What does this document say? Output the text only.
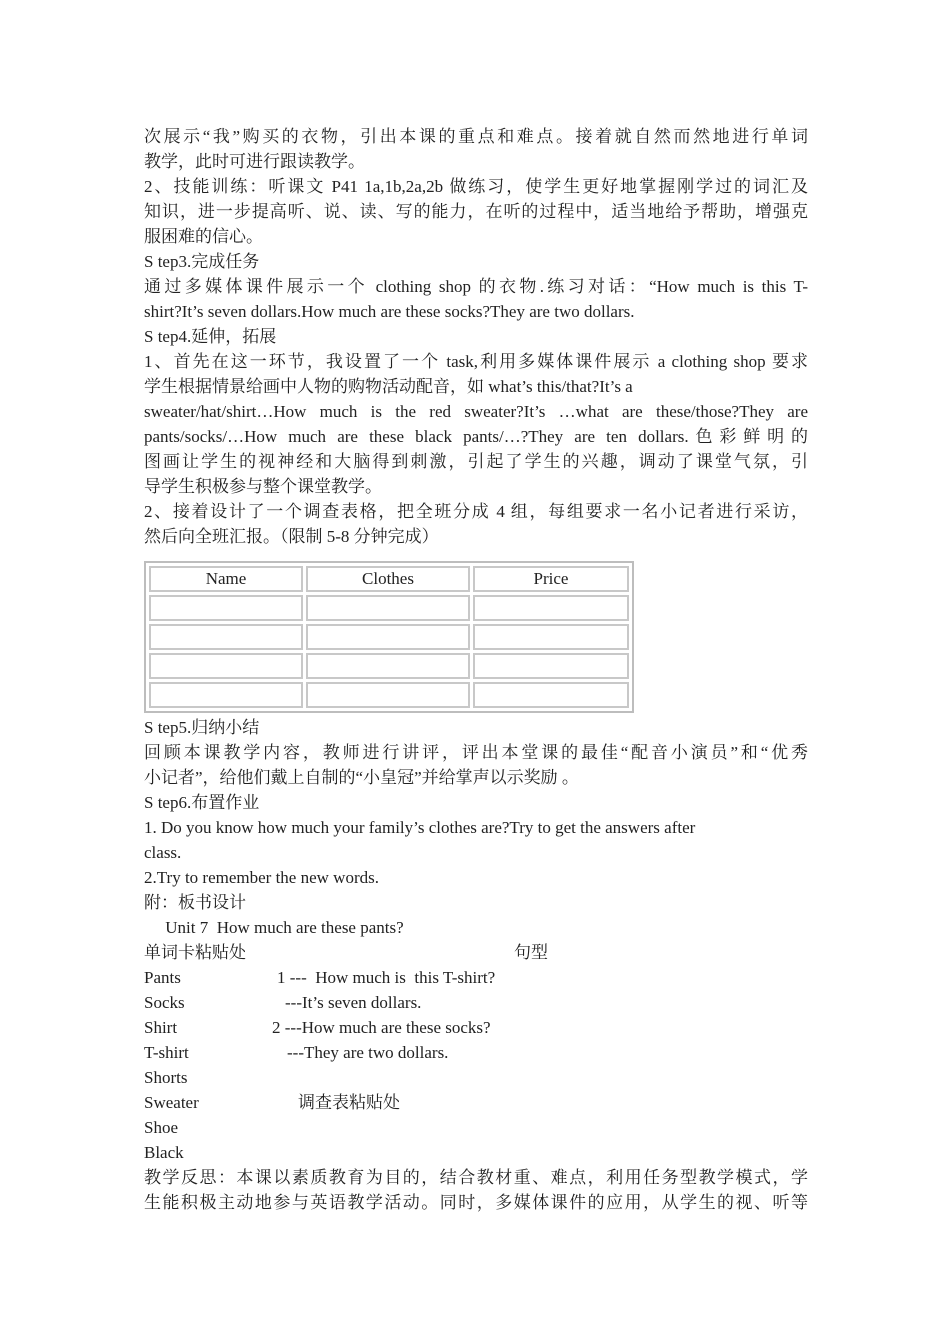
次展示“我”购买的衣物，引出本课的重点和难点。接着就自然而然地进行单词
教学，此时可进行跟读教学。
2、技能训练：听课文 P41 1a,1b,2a,2b 做练习，使学生更好地掌握刚学过的词汇及
知识，进一步提高听、说、读、写的能力，在听的过程中，适当地给予帮助，增强克
服困难的信心。
S tep3.完成任务
通过多媒体课件展示一个 clothing shop 的衣物.练习对话：“How much is this T-
shirt?It’s seven dollars.How much are these socks?They are two dollars.
S tep4.延伸，拓展
1、首先在这一环节，我设置了一个 task,利用多媒体课件展示 a clothing shop 要求
学生根据情景给画中人物的购物活动配音，如 what’s this/that?It’s a
sweater/hat/shirt…How much is the red sweater?It’s …what are these/those?They are
pants/socks/…How much are these black pants/…?They are ten dollars.色彩鲜明的
图画让学生的视神经和大脑得到刺激，引起了学生的兴趣，调动了课堂气氛，引
导学生积极参与整个课堂教学。
2、接着设计了一个调查表格，把全班分成 4 组，每组要求一名小记者进行采访，
然后向全班汇报。（限制 5-8 分钟完成）
Name	Clothes	Price

S tep5.归纳小结
回顾本课教学内容，教师进行讲评，评出本堂课的最佳“配音小演员”和“优秀
小记者”，给他们戴上自制的“小皇冠”并给掌声以示奖励 。
S tep6.布置作业
1. Do you know how much your family’s clothes are?Try to get the answers after
class.
2.Try to remember the new words.
附：板书设计
Unit 7  How much are these pants?
单词卡粘贴处	句型
Pants	1 ---  How much is  this T-shirt?
Socks	---It’s seven dollars.
Shirt	2 ---How much are these socks?
T-shirt	---They are two dollars.
Shorts
Sweater	调查表粘贴处
Shoe
Black
教学反思：本课以素质教育为目的，结合教材重、难点，利用任务型教学模式，学
生能积极主动地参与英语教学活动。同时，多媒体课件的应用，从学生的视、听等
